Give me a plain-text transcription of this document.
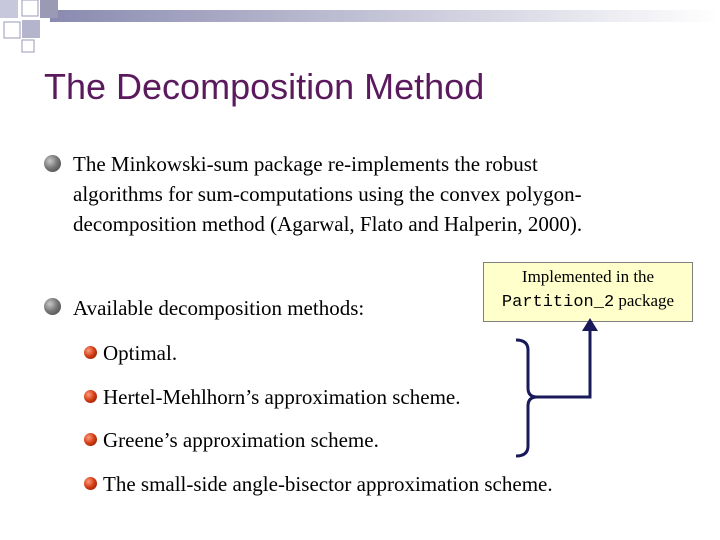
The Decomposition Method
The Minkowski-sum package re-implements the robust
algorithms for sum-computations using the convex polygon-
decomposition method (Agarwal, Flato and Halperin, 2000).
Available decomposition methods:
Optimal.
Hertel-Mehlhorn’s approximation scheme.
Greene’s approximation scheme.
The small-side angle-bisector approximation scheme.
Implemented in the
Partition_2 package
